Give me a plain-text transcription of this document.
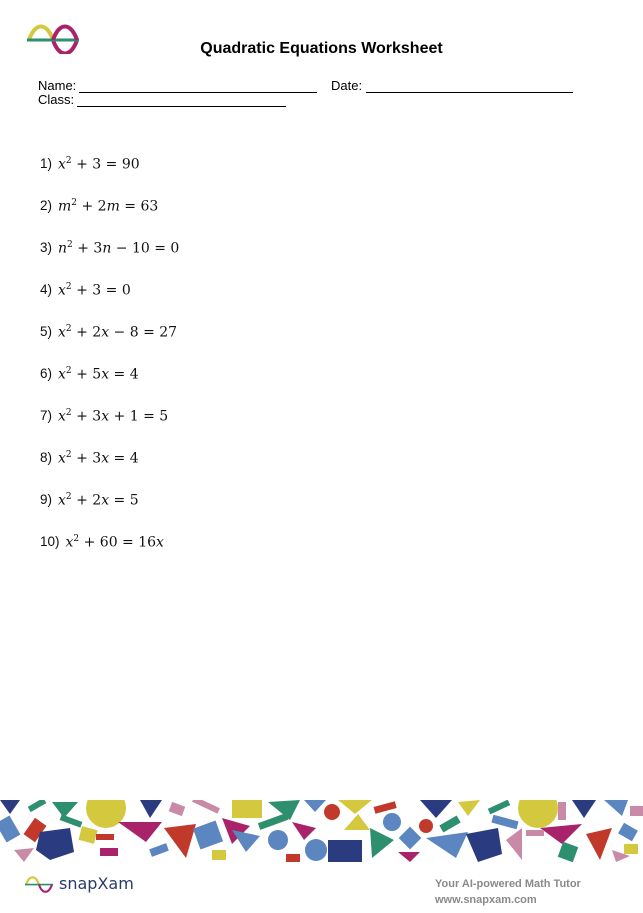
Quadratic Equations Worksheet
Name:	Date:
Class:
1) $x^2 + 3 = 90$
2) $m^2 + 2m = 63$
3) $n^2 + 3n - 10 = 0$
4) $x^2 + 3 = 0$
5) $x^2 + 2x - 8 = 27$
6) $x^2 + 5x = 4$
7) $x^2 + 3x + 1 = 5$
8) $x^2 + 3x = 4$
9) $x^2 + 2x = 5$
10) $x^2 + 60 = 16x$
snapXam	Your AI-powered Math Tutor
www.snapxam.com
